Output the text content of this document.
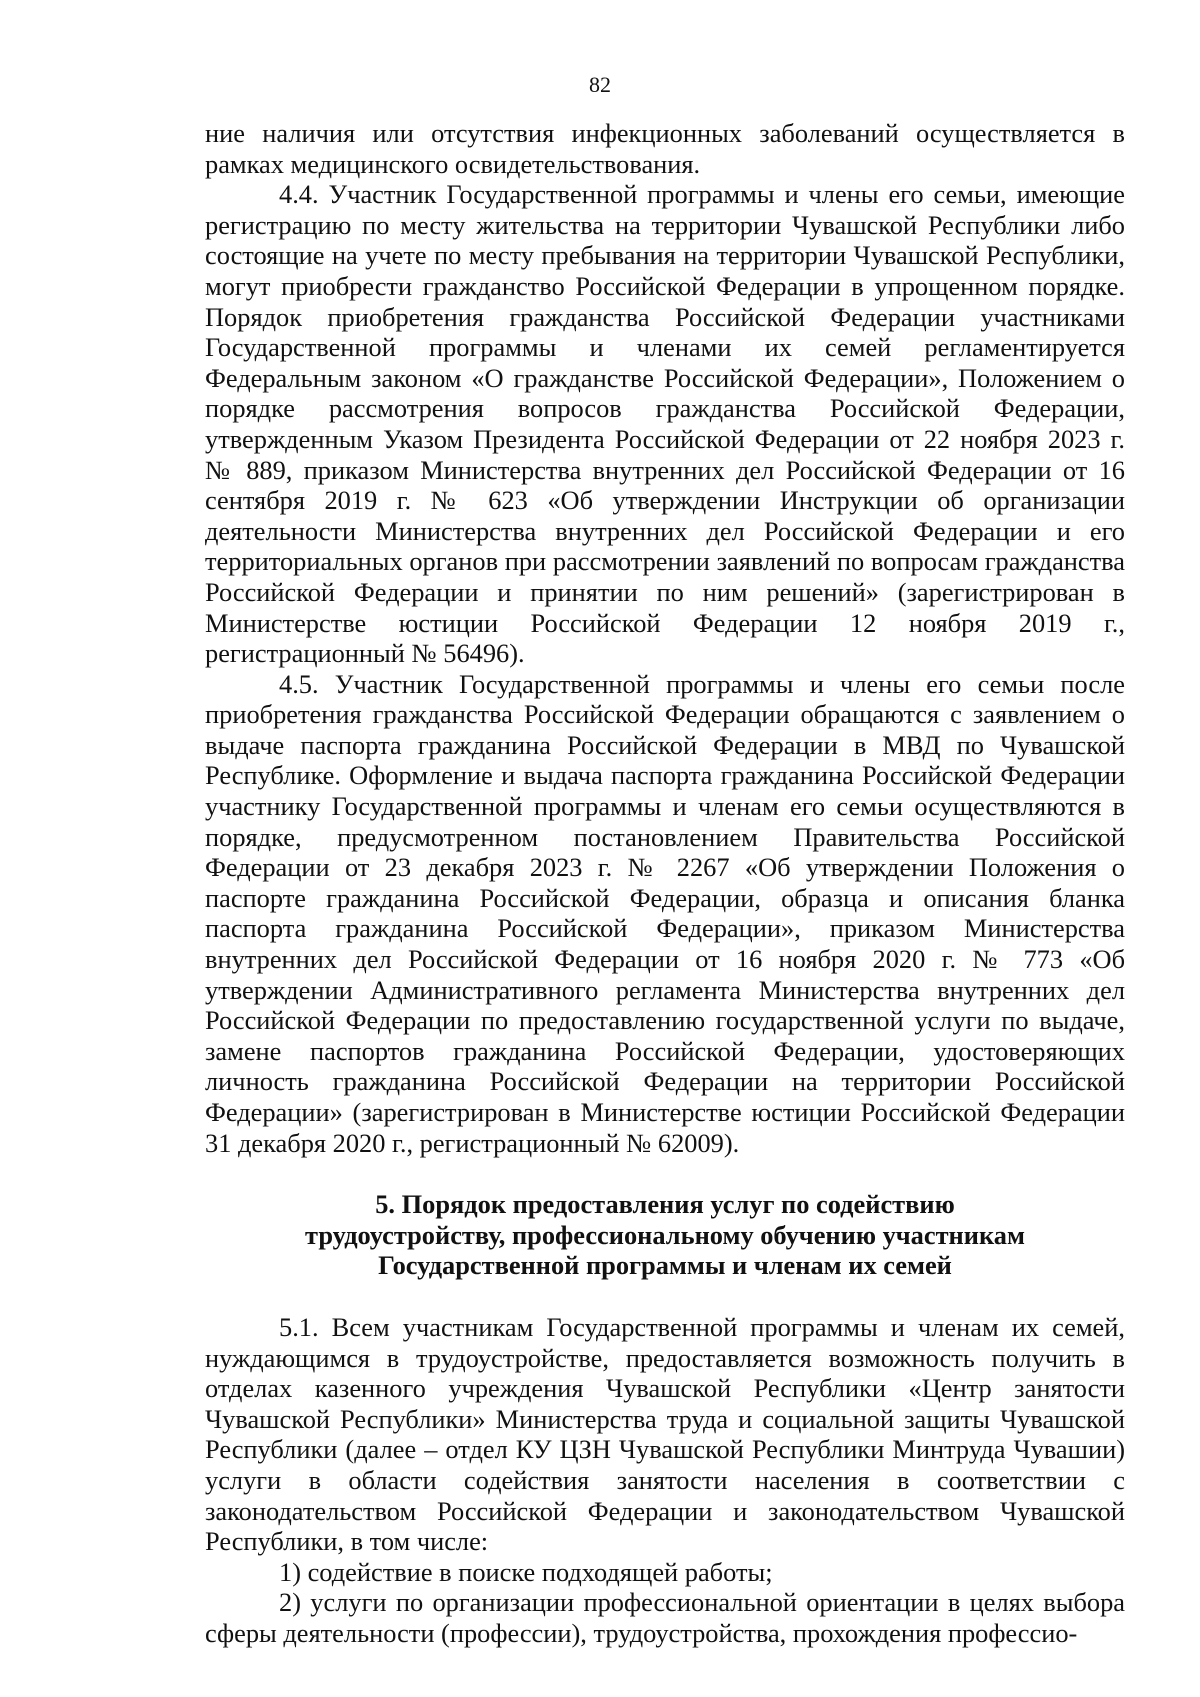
82

ние наличия или отсутствия инфекционных заболеваний осуществляется в рамках медицинского освидетельствования.

4.4. Участник Государственной программы и члены его семьи, имеющие регистрацию по месту жительства на территории Чувашской Республики либо состоящие на учете по месту пребывания на территории Чувашской Республики, могут приобрести гражданство Российской Федерации в упрощенном порядке. Порядок приобретения гражданства Российской Федерации участниками Государственной программы и членами их семей регламентируется Федеральным законом «О гражданстве Российской Федерации», Положением о порядке рассмотрения вопросов гражданства Российской Федерации, утвержденным Указом Президента Российской Федерации от 22 ноября 2023 г. № 889, приказом Министерства внутренних дел Российской Федерации от 16 сентября 2019 г. № 623 «Об утверждении Инструкции об организации деятельности Министерства внутренних дел Российской Федерации и его территориальных органов при рассмотрении заявлений по вопросам гражданства Российской Федерации и принятии по ним решений» (зарегистрирован в Министерстве юстиции Российской Федерации 12 ноября 2019 г., регистрационный № 56496).

4.5. Участник Государственной программы и члены его семьи после приобретения гражданства Российской Федерации обращаются с заявлением о выдаче паспорта гражданина Российской Федерации в МВД по Чувашской Республике. Оформление и выдача паспорта гражданина Российской Федерации участнику Государственной программы и членам его семьи осуществляются в порядке, предусмотренном постановлением Правительства Российской Федерации от 23 декабря 2023 г. № 2267 «Об утверждении Положения о паспорте гражданина Российской Федерации, образца и описания бланка паспорта гражданина Российской Федерации», приказом Министерства внутренних дел Российской Федерации от 16 ноября 2020 г. № 773 «Об утверждении Административного регламента Министерства внутренних дел Российской Федерации по предоставлению государственной услуги по выдаче, замене паспортов гражданина Российской Федерации, удостоверяющих личность гражданина Российской Федерации на территории Российской Федерации» (зарегистрирован в Министерстве юстиции Российской Федерации 31 декабря 2020 г., регистрационный № 62009).

5. Порядок предоставления услуг по содействию
трудоустройству, профессиональному обучению участникам
Государственной программы и членам их семей

5.1. Всем участникам Государственной программы и членам их семей, нуждающимся в трудоустройстве, предоставляется возможность получить в отделах казенного учреждения Чувашской Республики «Центр занятости Чувашской Республики» Министерства труда и социальной защиты Чувашской Республики (далее – отдел КУ ЦЗН Чувашской Республики Минтруда Чувашии) услуги в области содействия занятости населения в соответствии с законодательством Российской Федерации и законодательством Чувашской Республики, в том числе:

1) содействие в поиске подходящей работы;

2) услуги по организации профессиональной ориентации в целях выбора сферы деятельности (профессии), трудоустройства, прохождения профессио-
